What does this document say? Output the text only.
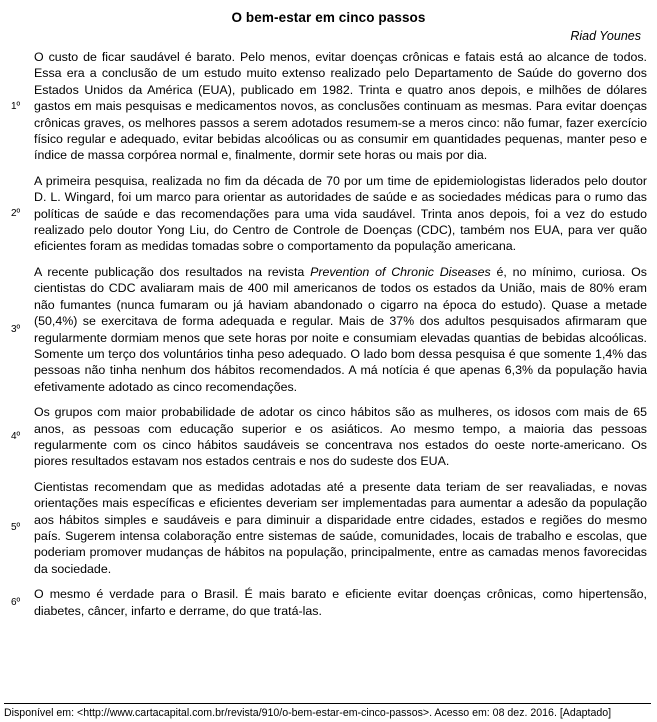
O bem-estar em cinco passos
Riad Younes
1º
O custo de ficar saudável é barato. Pelo menos, evitar doenças crônicas e fatais está ao alcance de todos. Essa era a conclusão de um estudo muito extenso realizado pelo Departamento de Saúde do governo dos Estados Unidos da América (EUA), publicado em 1982. Trinta e quatro anos depois, e milhões de dólares gastos em mais pesquisas e medicamentos novos, as conclusões continuam as mesmas. Para evitar doenças crônicas graves, os melhores passos a serem adotados resumem-se a meros cinco: não fumar, fazer exercício físico regular e adequado, evitar bebidas alcoólicas ou as consumir em quantidades pequenas, manter peso e índice de massa corpórea normal e, finalmente, dormir sete horas ou mais por dia.
2º
A primeira pesquisa, realizada no fim da década de 70 por um time de epidemiologistas liderados pelo doutor D. L. Wingard, foi um marco para orientar as autoridades de saúde e as sociedades médicas para o rumo das políticas de saúde e das recomendações para uma vida saudável. Trinta anos depois, foi a vez do estudo realizado pelo doutor Yong Liu, do Centro de Controle de Doenças (CDC), também nos EUA, para ver quão eficientes foram as medidas tomadas sobre o comportamento da população americana.
3º
A recente publicação dos resultados na revista Prevention of Chronic Diseases é, no mínimo, curiosa. Os cientistas do CDC avaliaram mais de 400 mil americanos de todos os estados da União, mais de 80% eram não fumantes (nunca fumaram ou já haviam abandonado o cigarro na época do estudo). Quase a metade (50,4%) se exercitava de forma adequada e regular. Mais de 37% dos adultos pesquisados afirmaram que regularmente dormiam menos que sete horas por noite e consumiam elevadas quantias de bebidas alcoólicas. Somente um terço dos voluntários tinha peso adequado. O lado bom dessa pesquisa é que somente 1,4% das pessoas não tinha nenhum dos hábitos recomendados. A má notícia é que apenas 6,3% da população havia efetivamente adotado as cinco recomendações.
4º
Os grupos com maior probabilidade de adotar os cinco hábitos são as mulheres, os idosos com mais de 65 anos, as pessoas com educação superior e os asiáticos. Ao mesmo tempo, a maioria das pessoas regularmente com os cinco hábitos saudáveis se concentrava nos estados do oeste norte-americano. Os piores resultados estavam nos estados centrais e nos do sudeste dos EUA.
5º
Cientistas recomendam que as medidas adotadas até a presente data teriam de ser reavaliadas, e novas orientações mais específicas e eficientes deveriam ser implementadas para aumentar a adesão da população aos hábitos simples e saudáveis e para diminuir a disparidade entre cidades, estados e regiões do mesmo país. Sugerem intensa colaboração entre sistemas de saúde, comunidades, locais de trabalho e escolas, que poderiam promover mudanças de hábitos na população, principalmente, entre as camadas menos favorecidas da sociedade.
6º
O mesmo é verdade para o Brasil. É mais barato e eficiente evitar doenças crônicas, como hipertensão, diabetes, câncer, infarto e derrame, do que tratá-las.
Disponível em: <http://www.cartacapital.com.br/revista/910/o-bem-estar-em-cinco-passos>. Acesso em: 08 dez. 2016. [Adaptado]
